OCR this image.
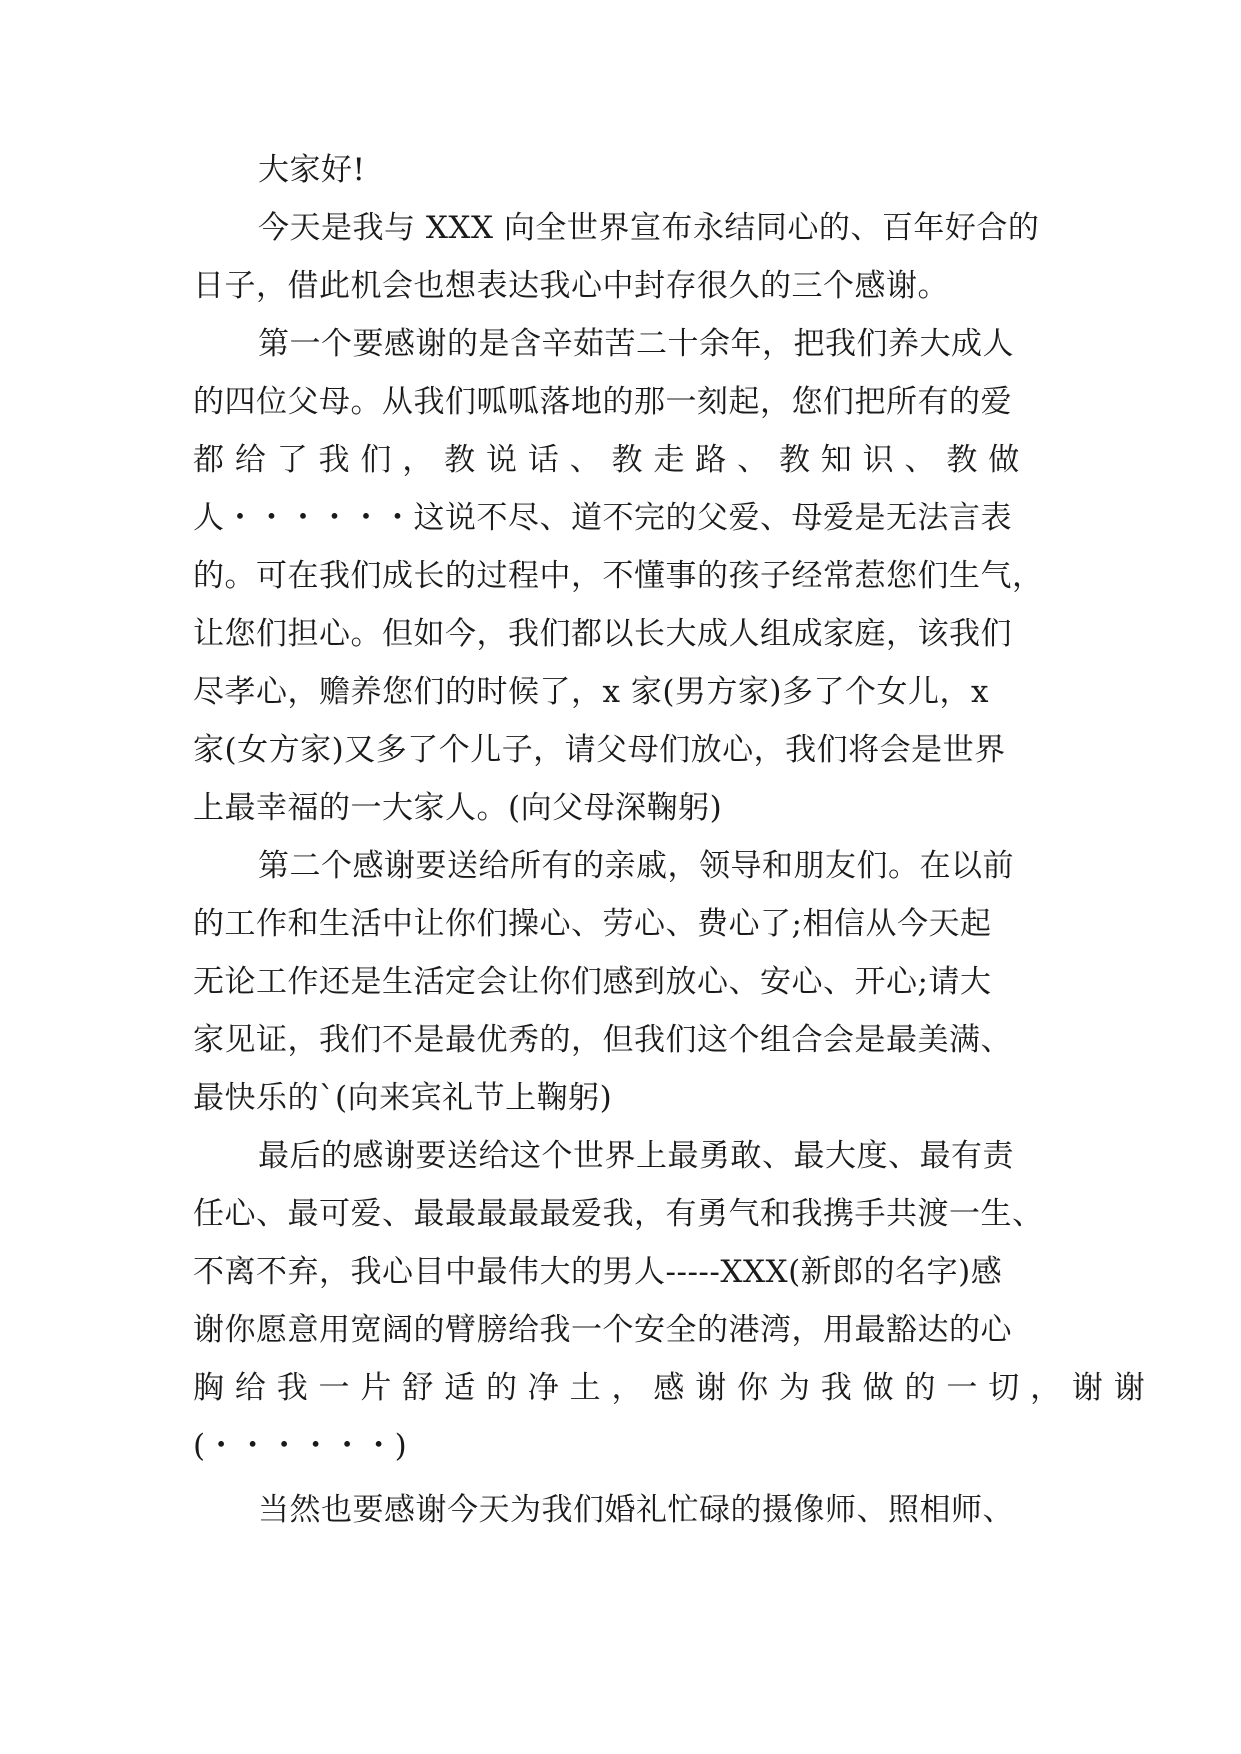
大家好!

今天是我与 XXX 向全世界宣布永结同心的、百年好合的

日子，借此机会也想表达我心中封存很久的三个感谢。

第一个要感谢的是含辛茹苦二十余年，把我们养大成人

的四位父母。从我们呱呱落地的那一刻起，您们把所有的爱

都 给 了 我 们 ， 教 说 话 、 教 走 路 、 教 知 识 、 教 做

人・・・・・・这说不尽、道不完的父爱、母爱是无法言表

的。可在我们成长的过程中，不懂事的孩子经常惹您们生气，

让您们担心。但如今，我们都以长大成人组成家庭，该我们

尽孝心，赡养您们的时候了，x 家(男方家)多了个女儿，x

家(女方家)又多了个儿子，请父母们放心，我们将会是世界

上最幸福的一大家人。(向父母深鞠躬)

第二个感谢要送给所有的亲戚，领导和朋友们。在以前

的工作和生活中让你们操心、劳心、费心了;相信从今天起

无论工作还是生活定会让你们感到放心、安心、开心;请大

家见证，我们不是最优秀的，但我们这个组合会是最美满、

最快乐的`(向来宾礼节上鞠躬)

最后的感谢要送给这个世界上最勇敢、最大度、最有责

任心、最可爱、最最最最最爱我，有勇气和我携手共渡一生、

不离不弃，我心目中最伟大的男人-----XXX(新郎的名字)感

谢你愿意用宽阔的臂膀给我一个安全的港湾，用最豁达的心

胸 给 我 一 片 舒 适 的 净 土 ， 感 谢 你 为 我 做 的 一 切 ， 谢 谢

(・・・・・・)

当然也要感谢今天为我们婚礼忙碌的摄像师、照相师、
